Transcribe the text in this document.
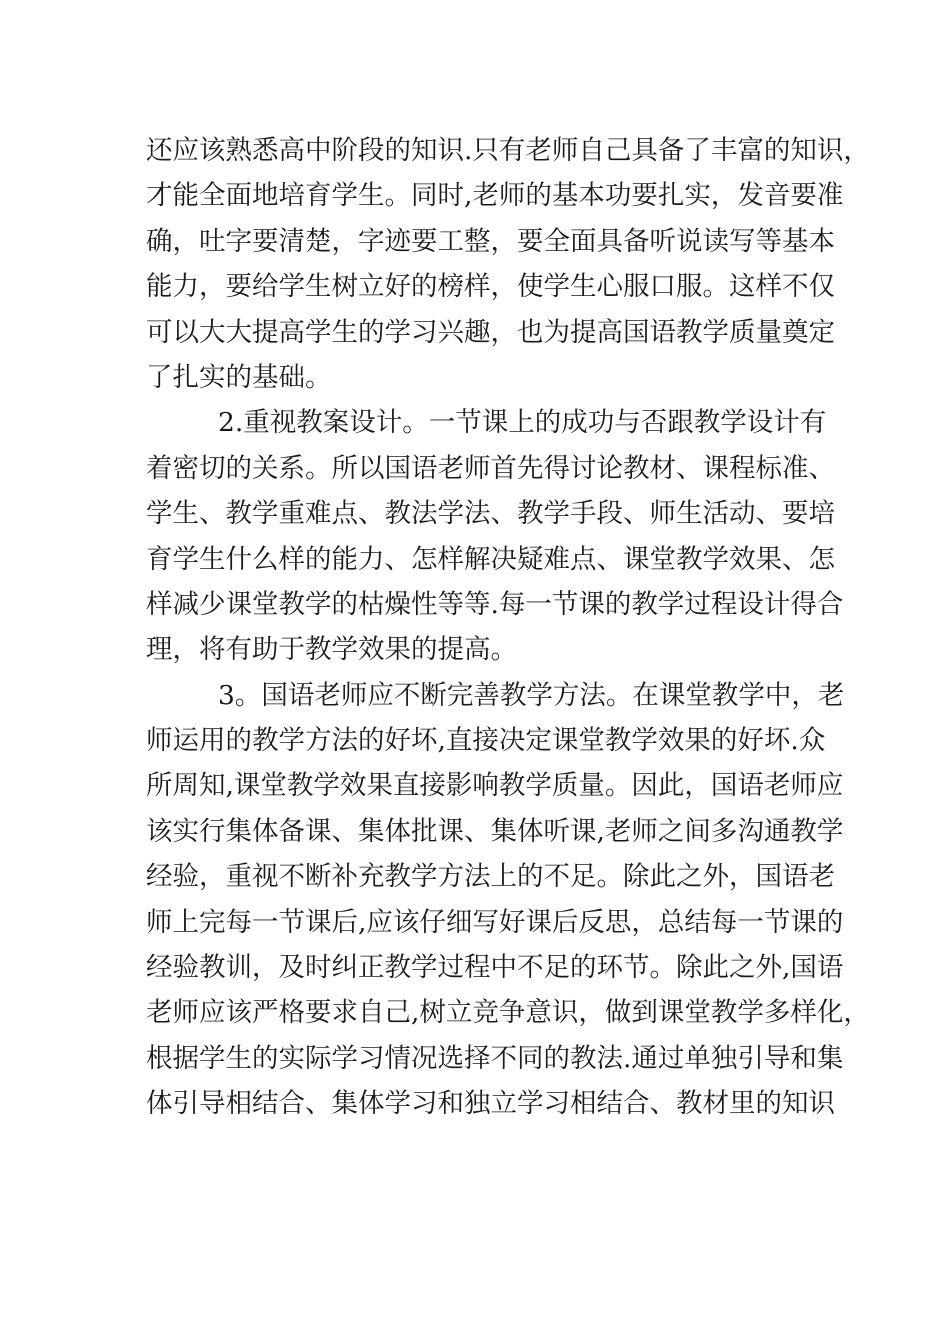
还应该熟悉高中阶段的知识.只有老师自己具备了丰富的知识，
才能全面地培育学生。同时,老师的基本功要扎实，发音要准
确，吐字要清楚，字迹要工整，要全面具备听说读写等基本
能力，要给学生树立好的榜样，使学生心服口服。这样不仅
可以大大提高学生的学习兴趣，也为提高国语教学质量奠定
了扎实的基础。
2.重视教案设计。一节课上的成功与否跟教学设计有
着密切的关系。所以国语老师首先得讨论教材、课程标准、
学生、教学重难点、教法学法、教学手段、师生活动、要培
育学生什么样的能力、怎样解决疑难点、课堂教学效果、怎
样减少课堂教学的枯燥性等等.每一节课的教学过程设计得合
理，将有助于教学效果的提高。
3。国语老师应不断完善教学方法。在课堂教学中，老
师运用的教学方法的好坏,直接决定课堂教学效果的好坏.众
所周知,课堂教学效果直接影响教学质量。因此，国语老师应
该实行集体备课、集体批课、集体听课,老师之间多沟通教学
经验，重视不断补充教学方法上的不足。除此之外，国语老
师上完每一节课后,应该仔细写好课后反思，总结每一节课的
经验教训，及时纠正教学过程中不足的环节。除此之外,国语
老师应该严格要求自己,树立竞争意识，做到课堂教学多样化，
根据学生的实际学习情况选择不同的教法.通过单独引导和集
体引导相结合、集体学习和独立学习相结合、教材里的知识
